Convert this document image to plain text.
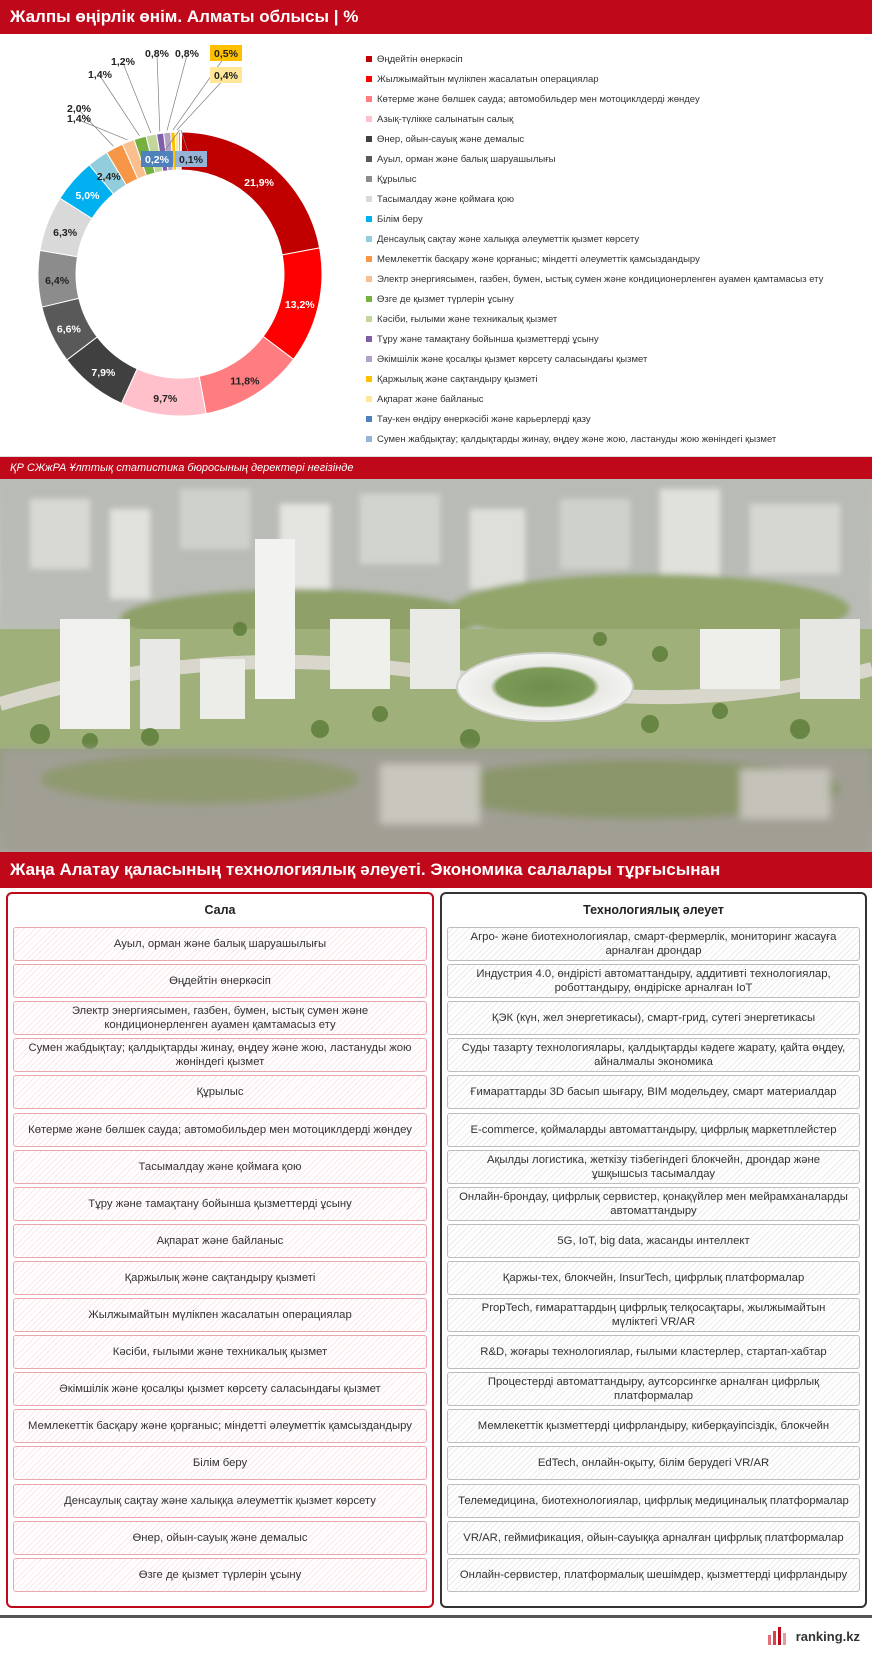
Жалпы өңірлік өнім. Алматы облысы | %
21,9%
13,2%
11,8%
9,7%
7,9%
6,6%
6,4%
6,3%
5,0%
2,4%
2,0%
1,4%
1,4%
1,2%
0,8% 0,8% 0,5%
0,4%
0,2% 0,1%
Өңдейтін өнеркәсіп
Жылжымайтын мүлікпен жасалатын операциялар
Көтерме және бөлшек сауда; автомобильдер мен мотоциклдерді жөндеу
Азық-түлікке салынатын салық
Өнер, ойын-сауық және демалыс
Ауыл, орман және балық шаруашылығы
Құрылыс
Тасымалдау және қоймаға қою
Білім беру
Денсаулық сақтау және халыққа әлеуметтік қызмет көрсету
Мемлекеттік басқару және қорғаныс; міндетті әлеуметтік қамсыздандыру
Электр энергиясымен, газбен, бумен, ыстық сумен және кондиционерленген ауамен қамтамасыз ету
Өзге де қызмет түрлерін ұсыну
Кәсіби, ғылыми және техникалық қызмет
Тұру және тамақтану бойынша қызметтерді ұсыну
Әкімшілік және қосалқы қызмет көрсету саласындағы қызмет
Қаржылық және сақтандыру қызметі
Ақпарат және байланыс
Тау-кен өндіру өнеркәсібі және карьерлерді қазу
Сумен жабдықтау; қалдықтарды жинау, өңдеу және жою, ластануды жою жөніндегі қызмет
ҚР СЖжРА Ұлттық статистика бюросының деректері негізінде
Жаңа Алатау қаласының технологиялық әлеуеті. Экономика салалары тұрғысынан
Сала
Ауыл, орман және балық шаруашылығы
Өңдейтін өнеркәсіп
Электр энергиясымен, газбен, бумен, ыстық сумен және кондиционерленген ауамен қамтамасыз ету
Сумен жабдықтау; қалдықтарды жинау, өңдеу және жою, ластануды жою жөніндегі қызмет
Құрылыс
Көтерме және бөлшек сауда; автомобильдер мен мотоциклдерді жөндеу
Тасымалдау және қоймаға қою
Тұру және тамақтану бойынша қызметтерді ұсыну
Ақпарат және байланыс
Қаржылық және сақтандыру қызметі
Жылжымайтын мүлікпен жасалатын операциялар
Кәсіби, ғылыми және техникалық қызмет
Әкімшілік және қосалқы қызмет көрсету саласындағы қызмет
Мемлекеттік басқару және қорғаныс; міндетті әлеуметтік қамсыздандыру
Білім беру
Денсаулық сақтау және халыққа әлеуметтік қызмет көрсету
Өнер, ойын-сауық және демалыс
Өзге де қызмет түрлерін ұсыну
Технологиялық әлеует
Агро- және биотехнологиялар, смарт-фермерлік, мониторинг жасауға арналған дрондар
Индустрия 4.0, өндірісті автоматтандыру, аддитивті технологиялар, роботтандыру, өндіріске арналған IoT
ҚЭК (күн, жел энергетикасы), смарт-грид, сутегі энергетикасы
Суды тазарту технологиялары, қалдықтарды кәдеге жарату, қайта өңдеу, айналмалы экономика
Ғимараттарды 3D басып шығару, BIM модельдеу, смарт материалдар
E-commerce, қоймаларды автоматтандыру, цифрлық маркетплейстер
Ақылды логистика, жеткізу тізбегіндегі блокчейн, дрондар және ұшқышсыз тасымалдау
Онлайн-брондау, цифрлық сервистер, қонақүйлер мен мейрамханаларды автоматтандыру
5G, IoT, big data, жасанды интеллект
Қаржы-тех, блокчейн, InsurTech, цифрлық платформалар
PropTech, ғимараттардың цифрлық телқосақтары, жылжымайтын мүліктегі VR/AR
R&D, жоғары технологиялар, ғылыми кластерлер, стартап-хабтар
Процестерді автоматтандыру, аутсорсингке арналған цифрлық платформалар
Мемлекеттік қызметтерді цифрландыру, киберқауіпсіздік, блокчейн
EdTech, онлайн-оқыту, білім берудегі VR/AR
Телемедицина, биотехнологиялар, цифрлық медициналық платформалар
VR/AR, геймификация, ойын-сауыққа арналған цифрлық платформалар
Онлайн-сервистер, платформалық шешімдер, қызметтерді цифрландыру
ranking.kz
